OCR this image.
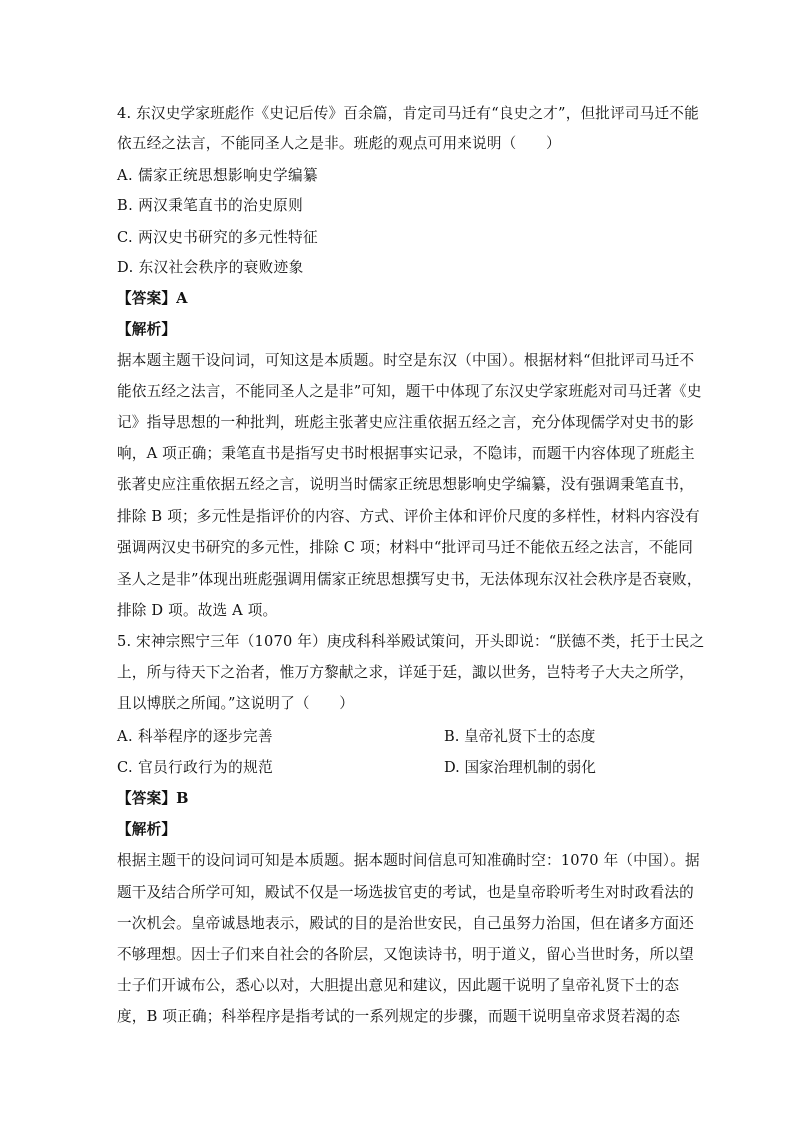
4. 东汉史学家班彪作《史记后传》百余篇，肯定司马迁有“良史之才”，但批评司马迁不能
依五经之法言，不能同圣人之是非。班彪的观点可用来说明（　　）
A. 儒家正统思想影响史学编纂
B. 两汉秉笔直书的治史原则
C. 两汉史书研究的多元性特征
D. 东汉社会秩序的衰败迹象
【答案】A
【解析】
据本题主题干设问词，可知这是本质题。时空是东汉（中国）。根据材料“但批评司马迁不
能依五经之法言，不能同圣人之是非”可知，题干中体现了东汉史学家班彪对司马迁著《史
记》指导思想的一种批判，班彪主张著史应注重依据五经之言，充分体现儒学对史书的影
响，A 项正确；秉笔直书是指写史书时根据事实记录，不隐讳，而题干内容体现了班彪主
张著史应注重依据五经之言，说明当时儒家正统思想影响史学编纂，没有强调秉笔直书，
排除 B 项；多元性是指评价的内容、方式、评价主体和评价尺度的多样性，材料内容没有
强调两汉史书研究的多元性，排除 C 项；材料中“批评司马迁不能依五经之法言，不能同
圣人之是非”体现出班彪强调用儒家正统思想撰写史书，无法体现东汉社会秩序是否衰败，
排除 D 项。故选 A 项。
5. 宋神宗熙宁三年（1070 年）庚戌科科举殿试策问，开头即说：“朕德不类，托于士民之
上，所与待天下之治者，惟万方黎献之求，详延于廷，諏以世务，岂特考子大夫之所学，
且以博朕之所闻。”这说明了（　　）
A. 科举程序的逐步完善	B. 皇帝礼贤下士的态度
C. 官员行政行为的规范	D. 国家治理机制的弱化
【答案】B
【解析】
根据主题干的设问词可知是本质题。据本题时间信息可知准确时空：1070 年（中国）。据
题干及结合所学可知，殿试不仅是一场选拔官吏的考试，也是皇帝聆听考生对时政看法的
一次机会。皇帝诚恳地表示，殿试的目的是治世安民，自己虽努力治国，但在诸多方面还
不够理想。因士子们来自社会的各阶层，又饱读诗书，明于道义，留心当世时务，所以望
士子们开诚布公，悉心以对，大胆提出意见和建议，因此题干说明了皇帝礼贤下士的态
度，B 项正确；科举程序是指考试的一系列规定的步骤，而题干说明皇帝求贤若渴的态
